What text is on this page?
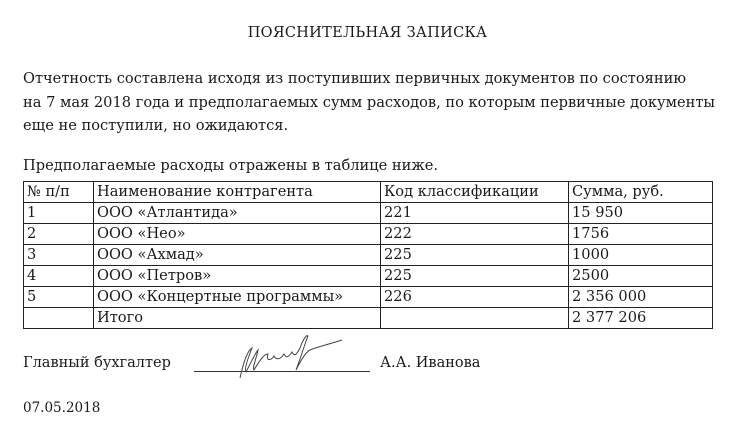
ПОЯСНИТЕЛЬНАЯ ЗАПИСКА
Отчетность составлена исходя из поступивших первичных документов по состоянию
на 7 мая 2018 года и предполагаемых сумм расходов, по которым первичные документы
еще не поступили, но ожидаются.
Предполагаемые расходы отражены в таблице ниже.
№ п/п	Наименование контрагента	Код классификации	Сумма, руб.
1	ООО «Атлантида»	221	15 950
2	ООО «Нео»	222	1756
3	ООО «Ахмад»	225	1000
4	ООО «Петров»	225	2500
5	ООО «Концертные программы»	226	2 356 000
	Итого		2 377 206
Главный бухгалтер	А.А. Иванова
07.05.2018
